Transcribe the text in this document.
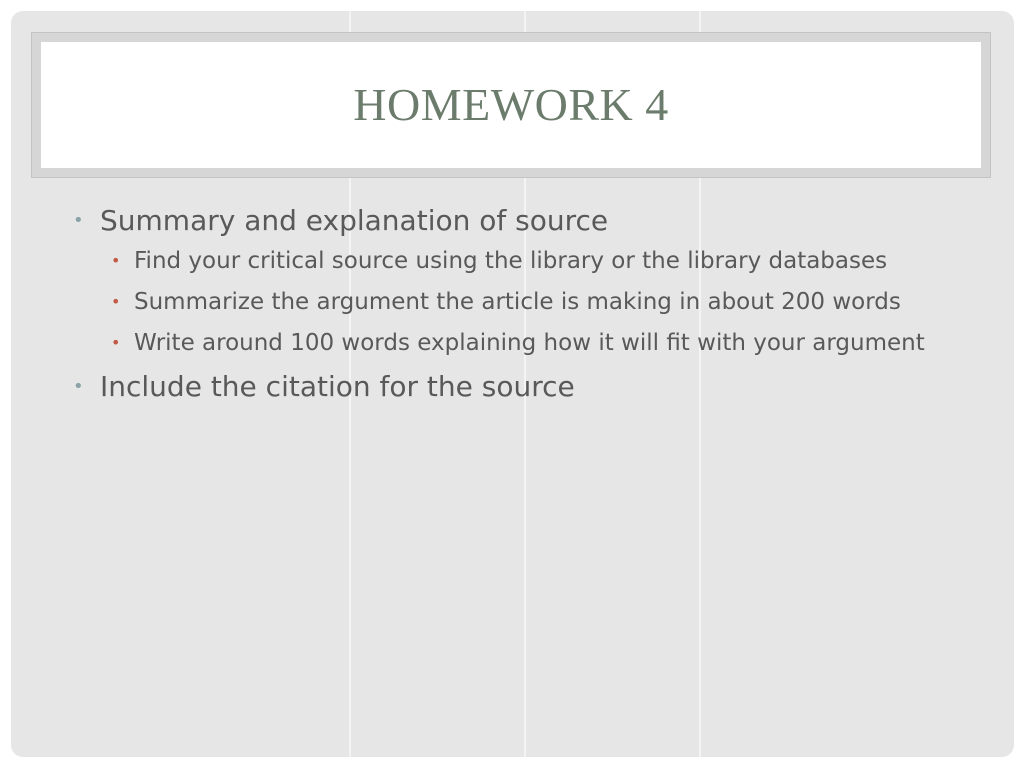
HOMEWORK 4
• Summary and explanation of source
• Find your critical source using the library or the library databases
• Summarize the argument the article is making in about 200 words
• Write around 100 words explaining how it will fit with your argument
• Include the citation for the source
